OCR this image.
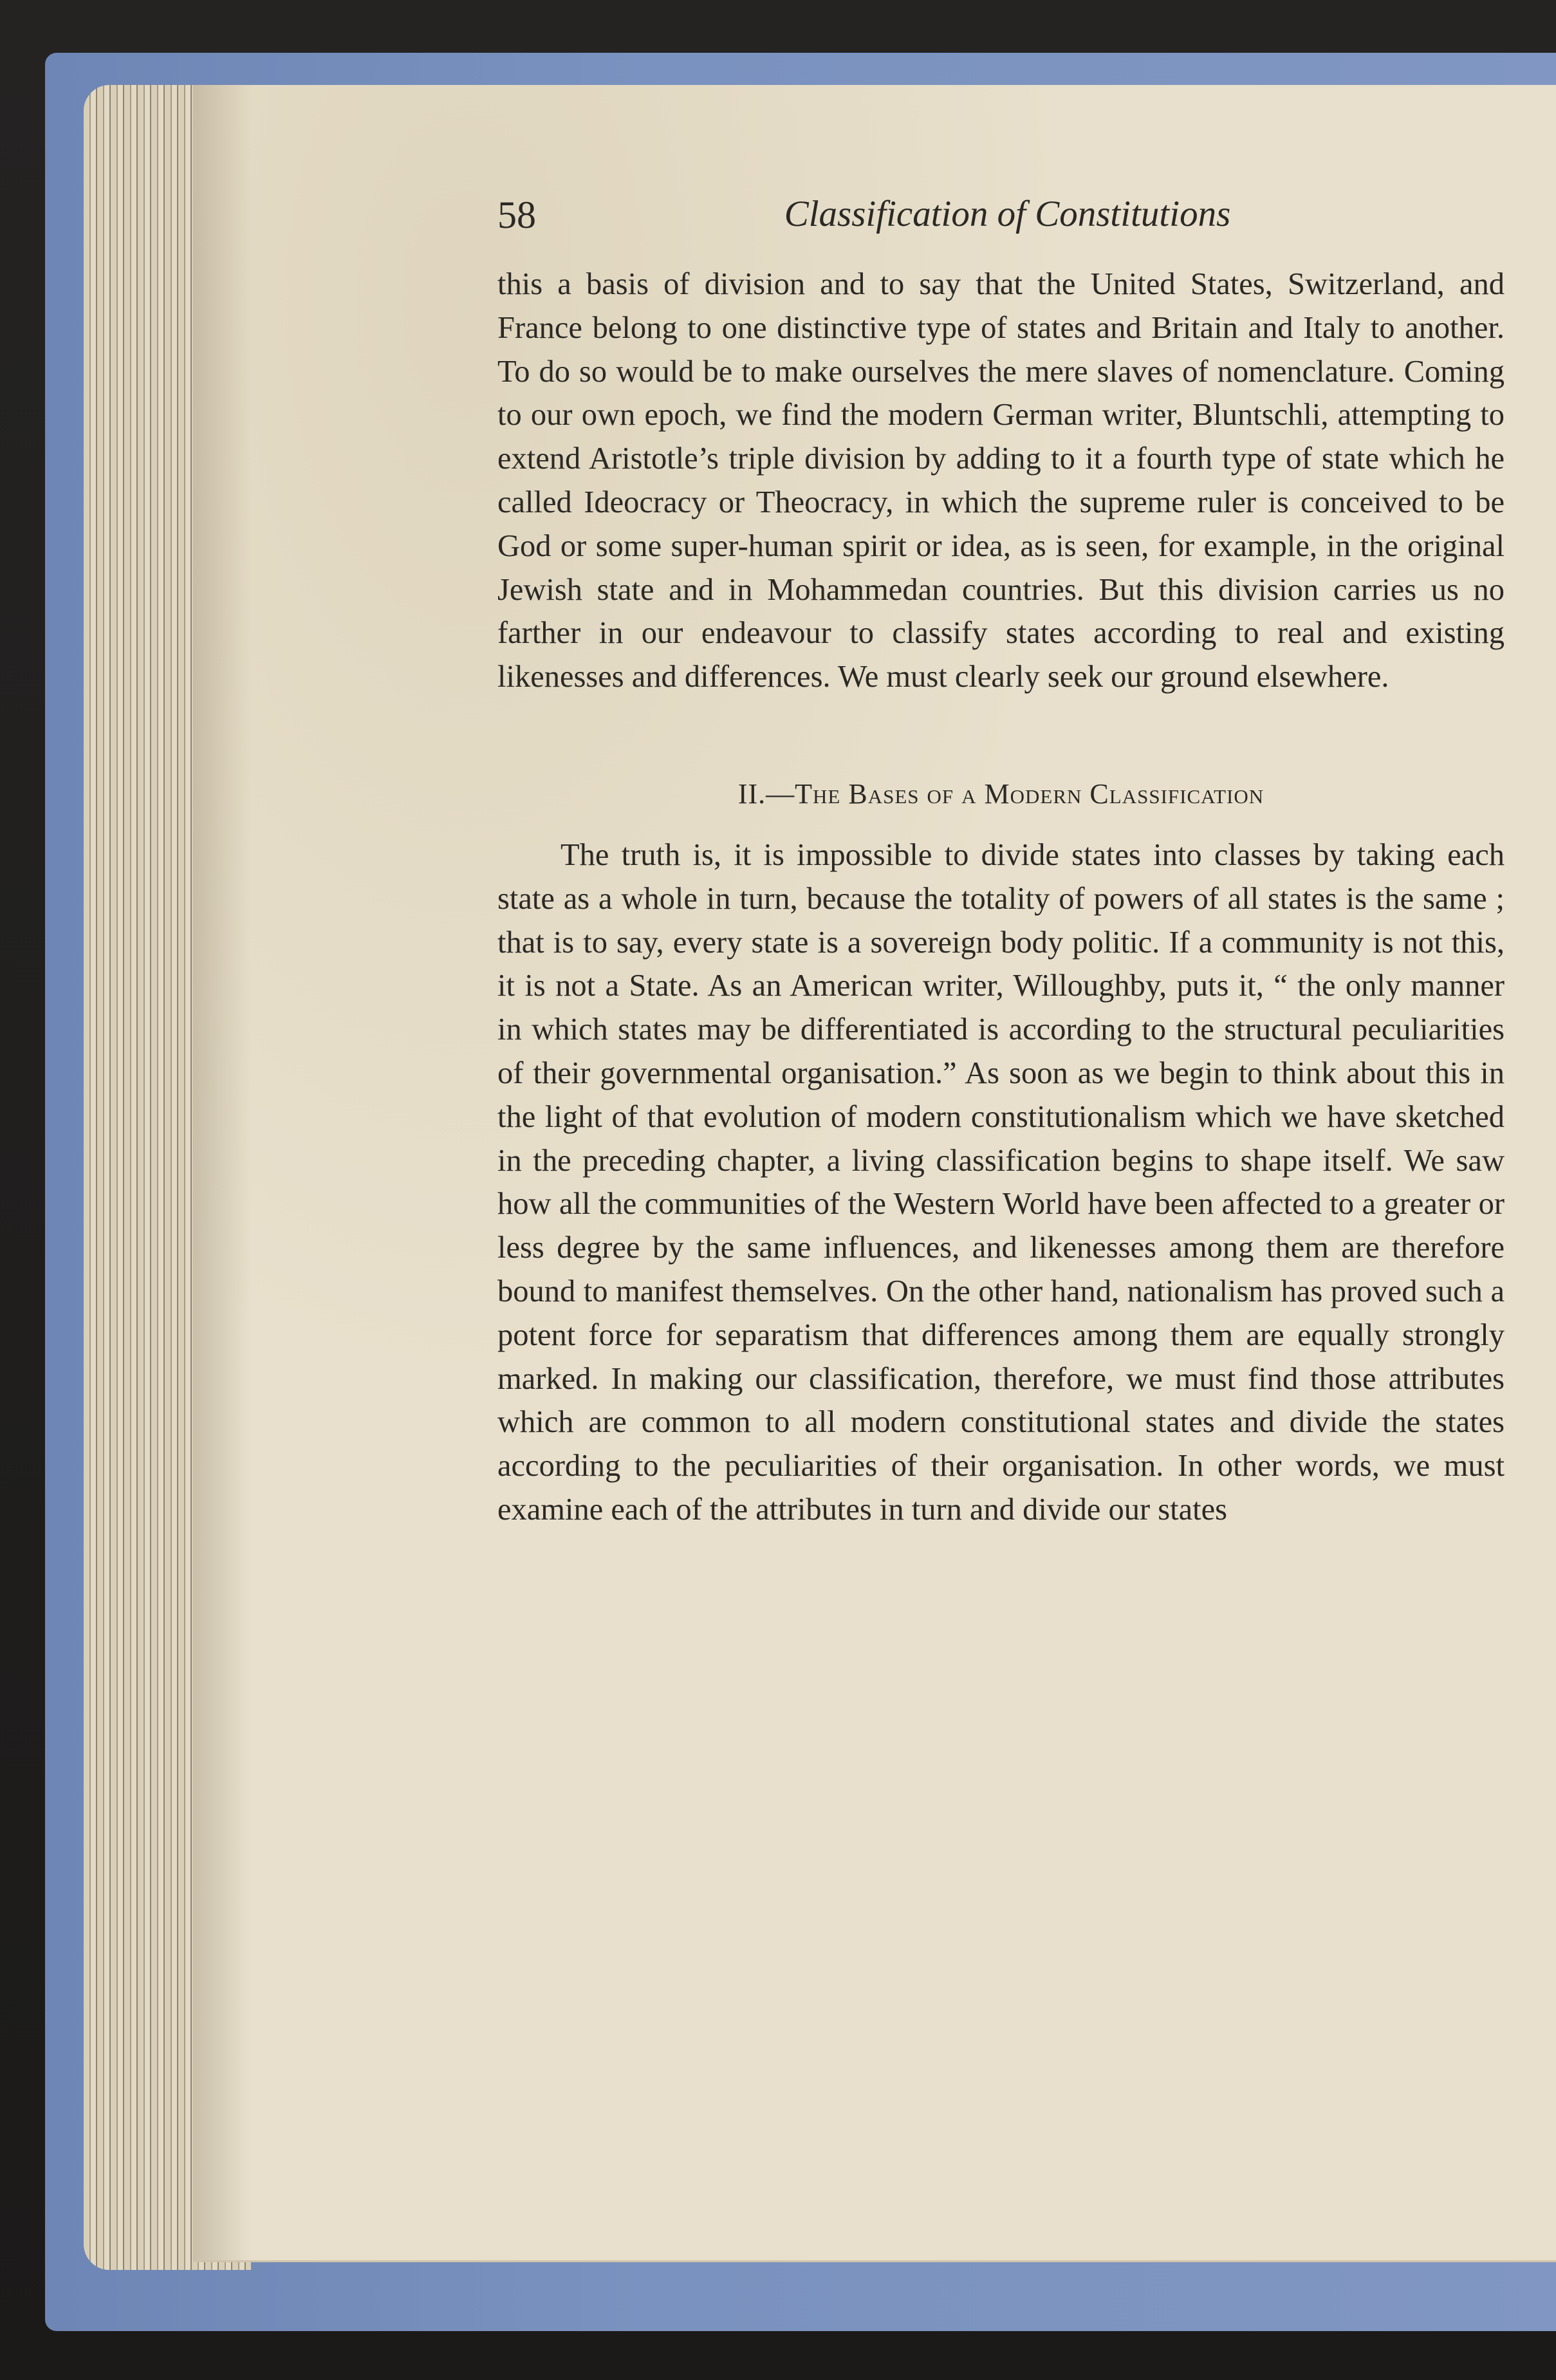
58	Classification of Constitutions

this a basis of division and to say that the United States, Switzerland, and France belong to one distinctive type of states and Britain and Italy to another. To do so would be to make ourselves the mere slaves of nomenclature. Coming to our own epoch, we find the modern German writer, Bluntschli, attempting to extend Aristotle’s triple division by adding to it a fourth type of state which he called Ideocracy or Theocracy, in which the supreme ruler is conceived to be God or some super-human spirit or idea, as is seen, for example, in the original Jewish state and in Mohammedan countries. But this division carries us no farther in our endeavour to classify states according to real and existing likenesses and differences. We must clearly seek our ground elsewhere.

II.—The Bases of a Modern Classification

The truth is, it is impossible to divide states into classes by taking each state as a whole in turn, because the totality of powers of all states is the same ; that is to say, every state is a sovereign body politic. If a community is not this, it is not a State. As an American writer, Willoughby, puts it, “ the only manner in which states may be differentiated is according to the structural peculiarities of their governmental organisation.” As soon as we begin to think about this in the light of that evolution of modern constitutionalism which we have sketched in the preceding chapter, a living classification begins to shape itself. We saw how all the communities of the Western World have been affected to a greater or less degree by the same influences, and likenesses among them are therefore bound to manifest themselves. On the other hand, nationalism has proved such a potent force for separatism that differences among them are equally strongly marked. In making our classification, therefore, we must find those attributes which are common to all modern constitutional states and divide the states according to the peculiarities of their organisation. In other words, we must examine each of the attributes in turn and divide our states
